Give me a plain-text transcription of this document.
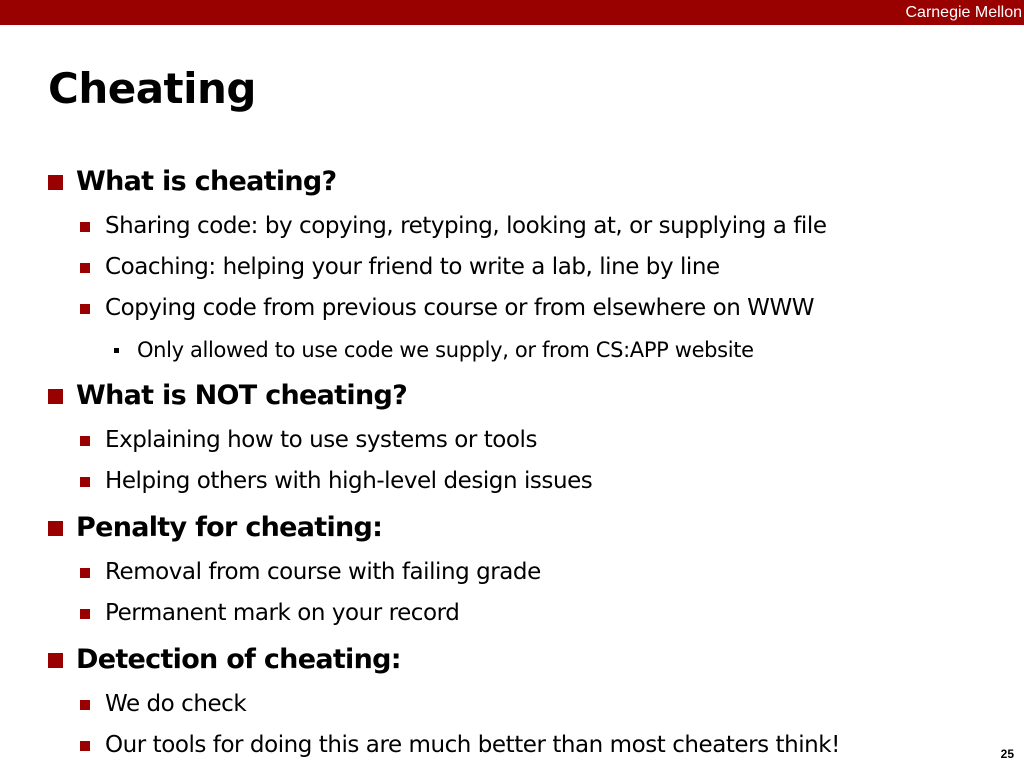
Carnegie Mellon
Cheating
What is cheating?
Sharing code: by copying, retyping, looking at, or supplying a file
Coaching: helping your friend to write a lab, line by line
Copying code from previous course or from elsewhere on WWW
Only allowed to use code we supply, or from CS:APP website
What is NOT cheating?
Explaining how to use systems or tools
Helping others with high-level design issues
Penalty for cheating:
Removal from course with failing grade
Permanent mark on your record
Detection of cheating:
We do check
Our tools for doing this are much better than most cheaters think!	25
